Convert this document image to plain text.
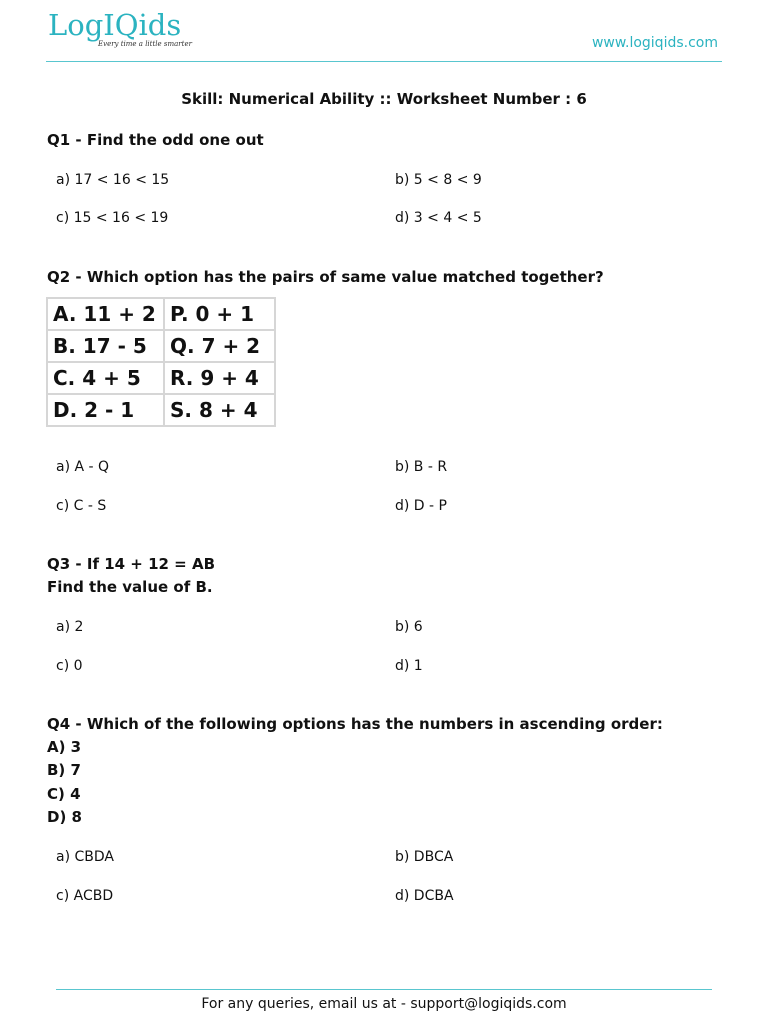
LogIQids
Every time a little smarter	www.logiqids.com
Skill: Numerical Ability :: Worksheet Number : 6
Q1 - Find the odd one out
a) 17 < 16 < 15	b) 5 < 8 < 9
c) 15 < 16 < 19	d) 3 < 4 < 5
Q2 - Which option has the pairs of same value matched together?
A. 11 + 2	P. 0 + 1
B. 17 - 5	Q. 7 + 2
C. 4 + 5	R. 9 + 4
D. 2 - 1	S. 8 + 4
a) A - Q	b) B - R
c) C - S	d) D - P
Q3 - If 14 + 12 = AB
Find the value of B.
a) 2	b) 6
c) 0	d) 1
Q4 - Which of the following options has the numbers in ascending order:
A) 3
B) 7
C) 4
D) 8
a) CBDA	b) DBCA
c) ACBD	d) DCBA
For any queries, email us at - support@logiqids.com
